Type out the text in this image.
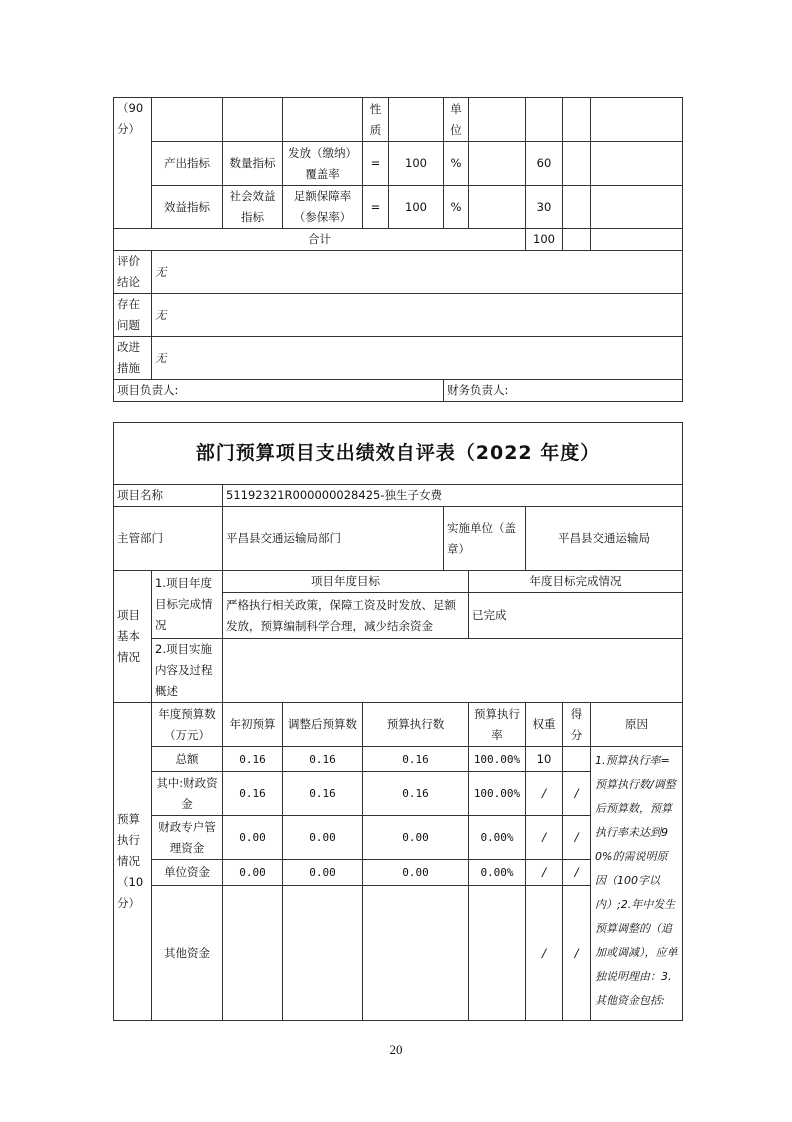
（90分）				性质		单位				
	产出指标	数量指标	发放（缴纳）覆盖率	=	100	%		60		
	效益指标	社会效益指标	足额保障率（参保率）	=	100	%		30		
合计								100		
评价结论	无									
存在问题	无									
改进措施	无									
项目负责人:						财务负责人:				
部门预算项目支出绩效自评表（2022 年度）									
项目名称		51192321R000000028425-独生子女费							
主管部门		平昌县交通运输局部门			实施单位（盖章）		平昌县交通运输局		
项目基本情况	1.项目年度目标完成情况	项目年度目标				年度目标完成情况			
		严格执行相关政策，保障工资及时发放、足额发放，预算编制科学合理，减少结余资金				已完成			
	2.项目实施内容及过程概述								
预算执行情况（10分）	年度预算数（万元）	年初预算	调整后预算数	预算执行数		预算执行率	权重	得分	原因
	总额	0.16	0.16	0.16		100.00%	10		1.预算执行率=预算执行数/调整后预算数，预算执行率未达到90%的需说明原因（100字以内）;2.年中发生预算调整的（追加或调减），应单独说明理由：3.其他资金包括:
	其中:财政资金	0.16	0.16	0.16		100.00%	/	/	
	财政专户管理资金	0.00	0.00	0.00		0.00%	/	/	
	单位资金	0.00	0.00	0.00		0.00%	/	/	
	其他资金						/	/	
20
